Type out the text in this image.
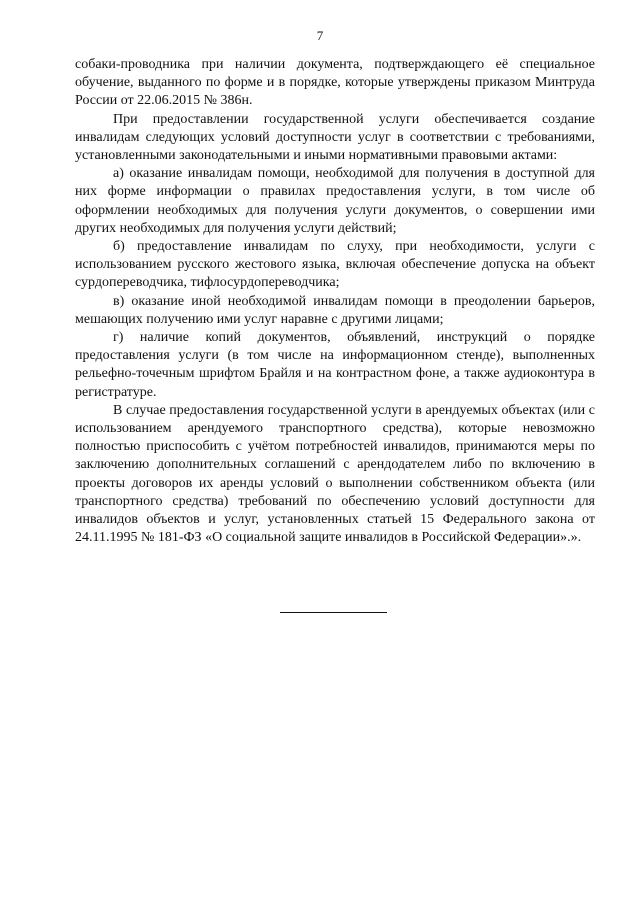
7

собаки-проводника при наличии документа, подтверждающего её специальное обучение, выданного по форме и в порядке, которые утверждены приказом Минтруда России от 22.06.2015 № 386н.

При предоставлении государственной услуги обеспечивается создание инвалидам следующих условий доступности услуг в соответствии с требованиями, установленными законодательными и иными нормативными правовыми актами:

а) оказание инвалидам помощи, необходимой для получения в доступной для них форме информации о правилах предоставления услуги, в том числе об оформлении необходимых для получения услуги документов, о совершении ими других необходимых для получения услуги действий;

б) предоставление инвалидам по слуху, при необходимости, услуги с использованием русского жестового языка, включая обеспечение допуска на объект сурдопереводчика, тифлосурдопереводчика;

в) оказание иной необходимой инвалидам помощи в преодолении барьеров, мешающих получению ими услуг наравне с другими лицами;

г) наличие копий документов, объявлений, инструкций о порядке предоставления услуги (в том числе на информационном стенде), выполненных рельефно-точечным шрифтом Брайля и на контрастном фоне, а также аудиоконтура в регистратуре.

В случае предоставления государственной услуги в арендуемых объектах (или с использованием арендуемого транспортного средства), которые невозможно полностью приспособить с учётом потребностей инвалидов, принимаются меры по заключению дополнительных соглашений с арендодателем либо по включению в проекты договоров их аренды условий о выполнении собственником объекта (или транспортного средства) требований по обеспечению условий доступности для инвалидов объектов и услуг, установленных статьей 15 Федерального закона от 24.11.1995 № 181-ФЗ «О социальной защите инвалидов в Российской Федерации».».
